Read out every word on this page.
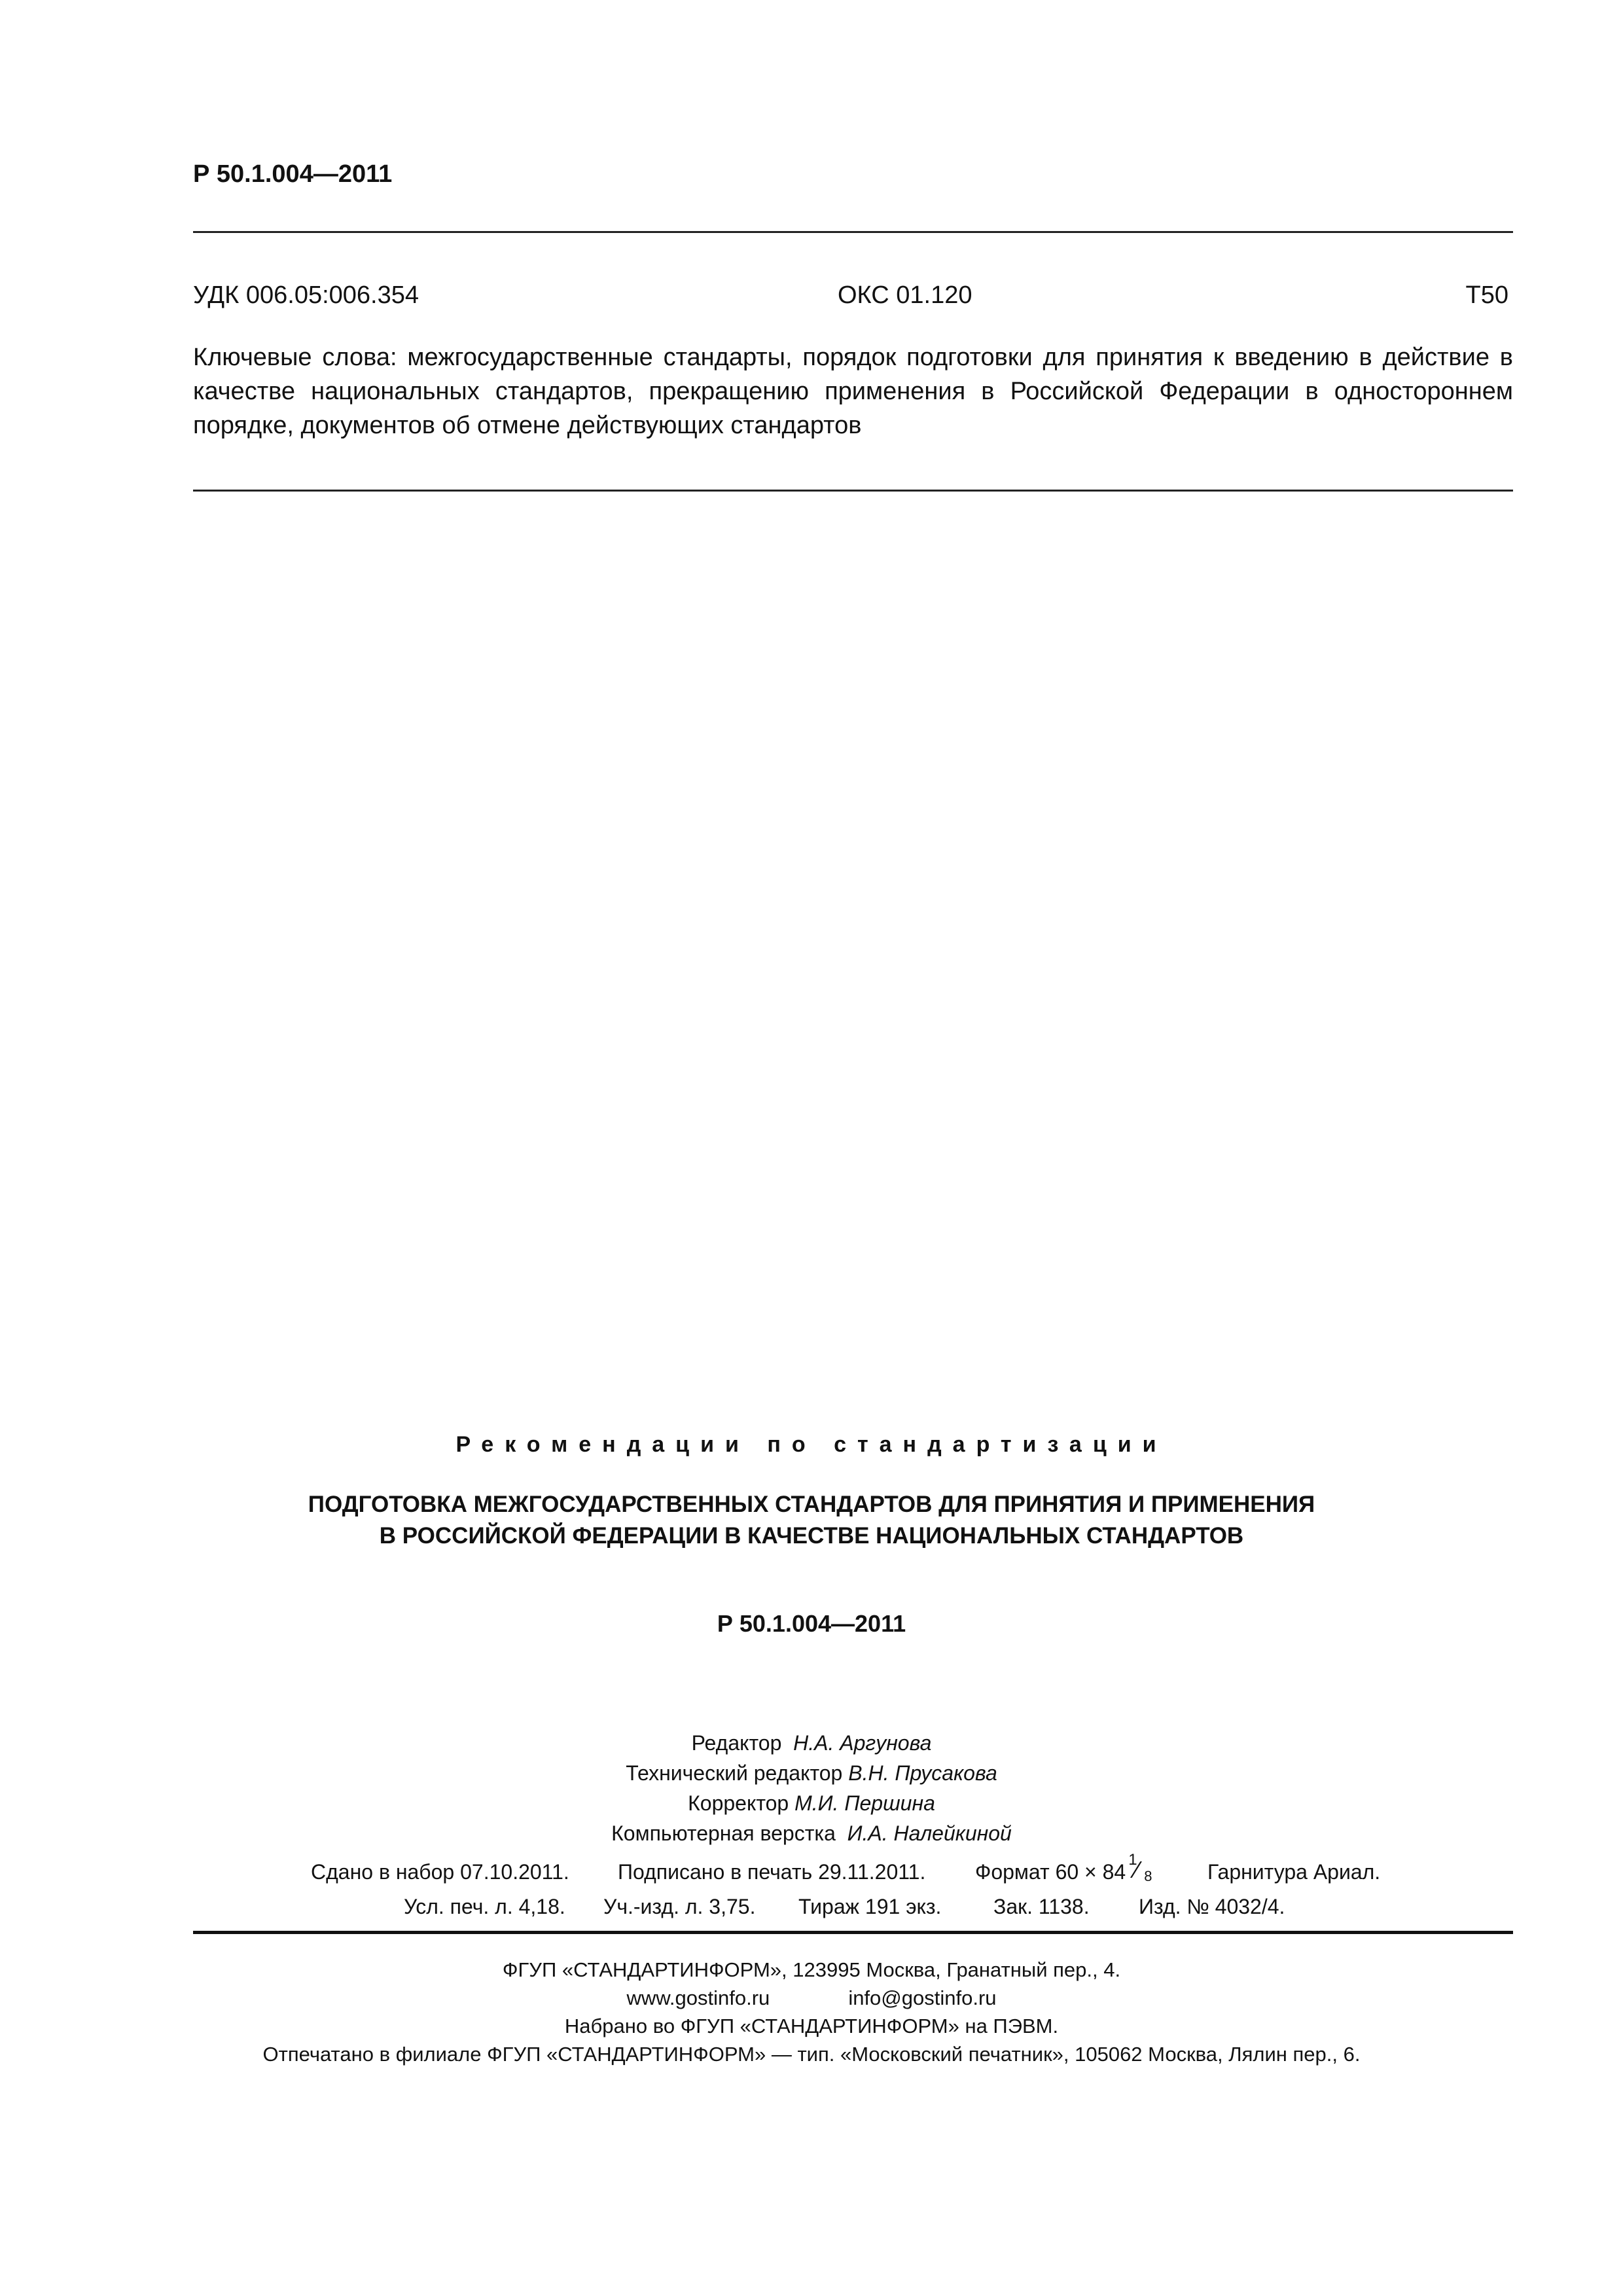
Р 50.1.004—2011
УДК 006.05:006.354	ОКС 01.120	Т50
Ключевые слова: межгосударственные стандарты, порядок подготовки для принятия к введению в действие в качестве национальных стандартов, прекращению применения в Российской Федерации в одностороннем порядке, документов об отмене действующих стандартов
Рекомендации по стандартизации
ПОДГОТОВКА МЕЖГОСУДАРСТВЕННЫХ СТАНДАРТОВ ДЛЯ ПРИНЯТИЯ И ПРИМЕНЕНИЯ
В РОССИЙСКОЙ ФЕДЕРАЦИИ В КАЧЕСТВЕ НАЦИОНАЛЬНЫХ СТАНДАРТОВ
Р 50.1.004—2011
Редактор Н.А. Аргунова
Технический редактор В.Н. Прусакова
Корректор М.И. Першина
Компьютерная верстка И.А. Налейкиной
Сдано в набор 07.10.2011. Подписано в печать 29.11.2011. Формат 60 × 84
1
⁄ 8	Гарнитура Ариал.
Усл. печ. л. 4,18. Уч.-изд. л. 3,75. Тираж 191 экз. Зак. 1138. Изд. № 4032/4.
ФГУП «СТАНДАРТИНФОРМ», 123995 Москва, Гранатный пер., 4.
www.gostinfo.ru	info@gostinfo.ru
Набрано во ФГУП «СТАНДАРТИНФОРМ» на ПЭВМ.
Отпечатано в филиале ФГУП «СТАНДАРТИНФОРМ» — тип. «Московский печатник», 105062 Москва, Лялин пер., 6.
